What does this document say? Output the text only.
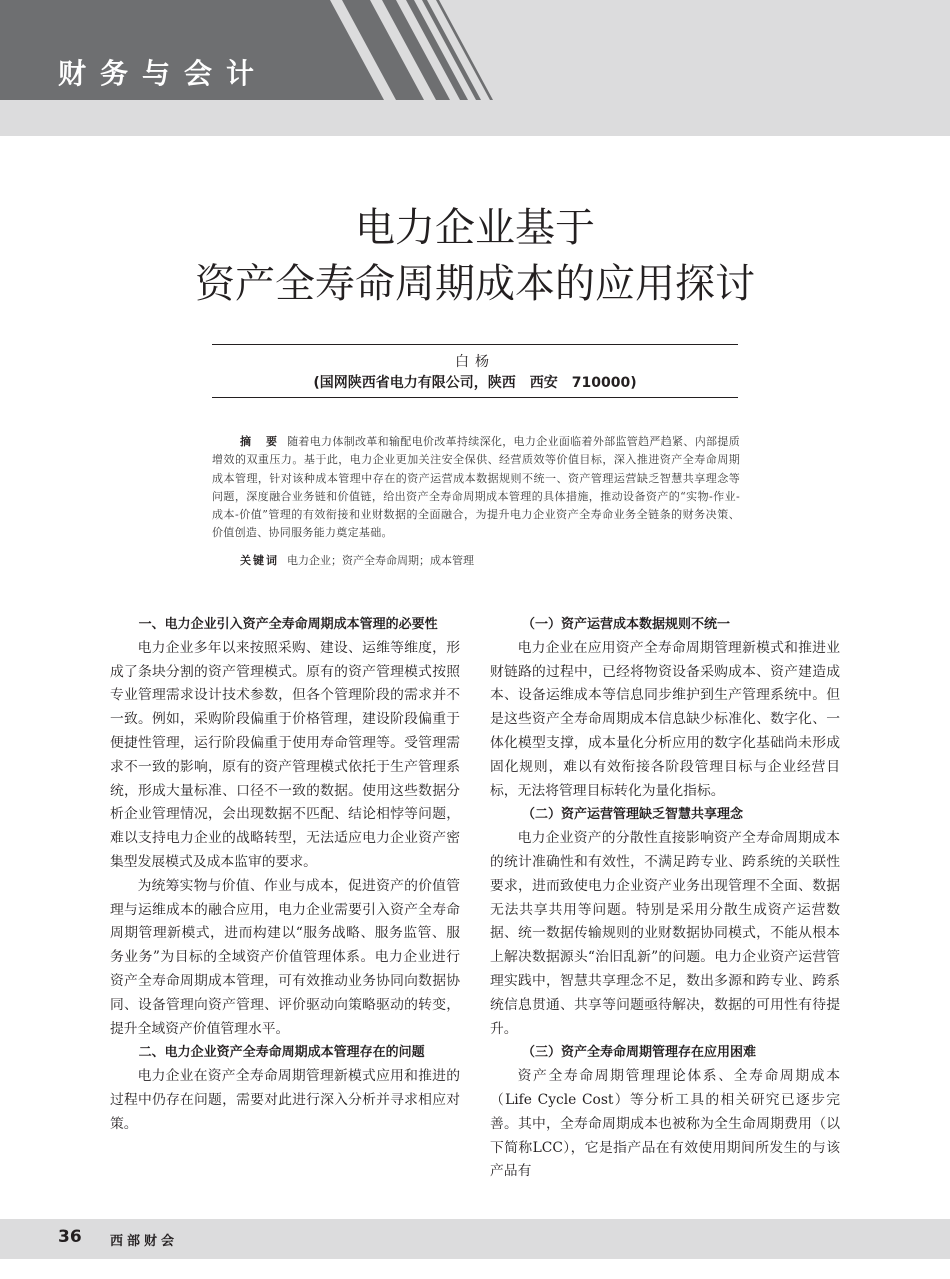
财务与会计
电力企业基于
资产全寿命周期成本的应用探讨
白杨
(国网陕西省电力有限公司，陕西　西安　710000)
摘　要 随着电力体制改革和输配电价改革持续深化，电力企业面临着外部监管趋严趋紧、内部提质增效的双重压力。基于此，电力企业更加关注安全保供、经营质效等价值目标，深入推进资产全寿命周期成本管理，针对该种成本管理中存在的资产运营成本数据规则不统一、资产管理运营缺乏智慧共享理念等问题，深度融合业务链和价值链，给出资产全寿命周期成本管理的具体措施，推动设备资产的“实物-作业-成本-价值”管理的有效衔接和业财数据的全面融合，为提升电力企业资产全寿命业务全链条的财务决策、价值创造、协同服务能力奠定基础。
关键词 电力企业；资产全寿命周期；成本管理
一、电力企业引入资产全寿命周期成本管理的必要性

电力企业多年以来按照采购、建设、运维等维度，形成了条块分割的资产管理模式。原有的资产管理模式按照专业管理需求设计技术参数，但各个管理阶段的需求并不一致。例如，采购阶段偏重于价格管理，建设阶段偏重于便捷性管理，运行阶段偏重于使用寿命管理等。受管理需求不一致的影响，原有的资产管理模式依托于生产管理系统，形成大量标准、口径不一致的数据。使用这些数据分析企业管理情况，会出现数据不匹配、结论相悖等问题，难以支持电力企业的战略转型，无法适应电力企业资产密集型发展模式及成本监审的要求。

为统筹实物与价值、作业与成本，促进资产的价值管理与运维成本的融合应用，电力企业需要引入资产全寿命周期管理新模式，进而构建以“服务战略、服务监管、服务业务”为目标的全域资产价值管理体系。电力企业进行资产全寿命周期成本管理，可有效推动业务协同向数据协同、设备管理向资产管理、评价驱动向策略驱动的转变，提升全域资产价值管理水平。

二、电力企业资产全寿命周期成本管理存在的问题

电力企业在资产全寿命周期管理新模式应用和推进的过程中仍存在问题，需要对此进行深入分析并寻求相应对策。

（一）资产运营成本数据规则不统一

电力企业在应用资产全寿命周期管理新模式和推进业财链路的过程中，已经将物资设备采购成本、资产建造成本、设备运维成本等信息同步维护到生产管理系统中。但是这些资产全寿命周期成本信息缺少标准化、数字化、一体化模型支撑，成本量化分析应用的数字化基础尚未形成固化规则，难以有效衔接各阶段管理目标与企业经营目标，无法将管理目标转化为量化指标。

（二）资产运营管理缺乏智慧共享理念

电力企业资产的分散性直接影响资产全寿命周期成本的统计准确性和有效性，不满足跨专业、跨系统的关联性要求，进而致使电力企业资产业务出现管理不全面、数据无法共享共用等问题。特别是采用分散生成资产运营数据、统一数据传输规则的业财数据协同模式，不能从根本上解决数据源头“治旧乱新”的问题。电力企业资产运营管理实践中，智慧共享理念不足，数出多源和跨专业、跨系统信息贯通、共享等问题亟待解决，数据的可用性有待提升。

（三）资产全寿命周期管理存在应用困难

资产全寿命周期管理理论体系、全寿命周期成本（Life Cycle Cost）等分析工具的相关研究已逐步完善。其中，全寿命周期成本也被称为全生命周期费用（以下简称LCC），它是指产品在有效使用期间所发生的与该产品有

36 西部财会
